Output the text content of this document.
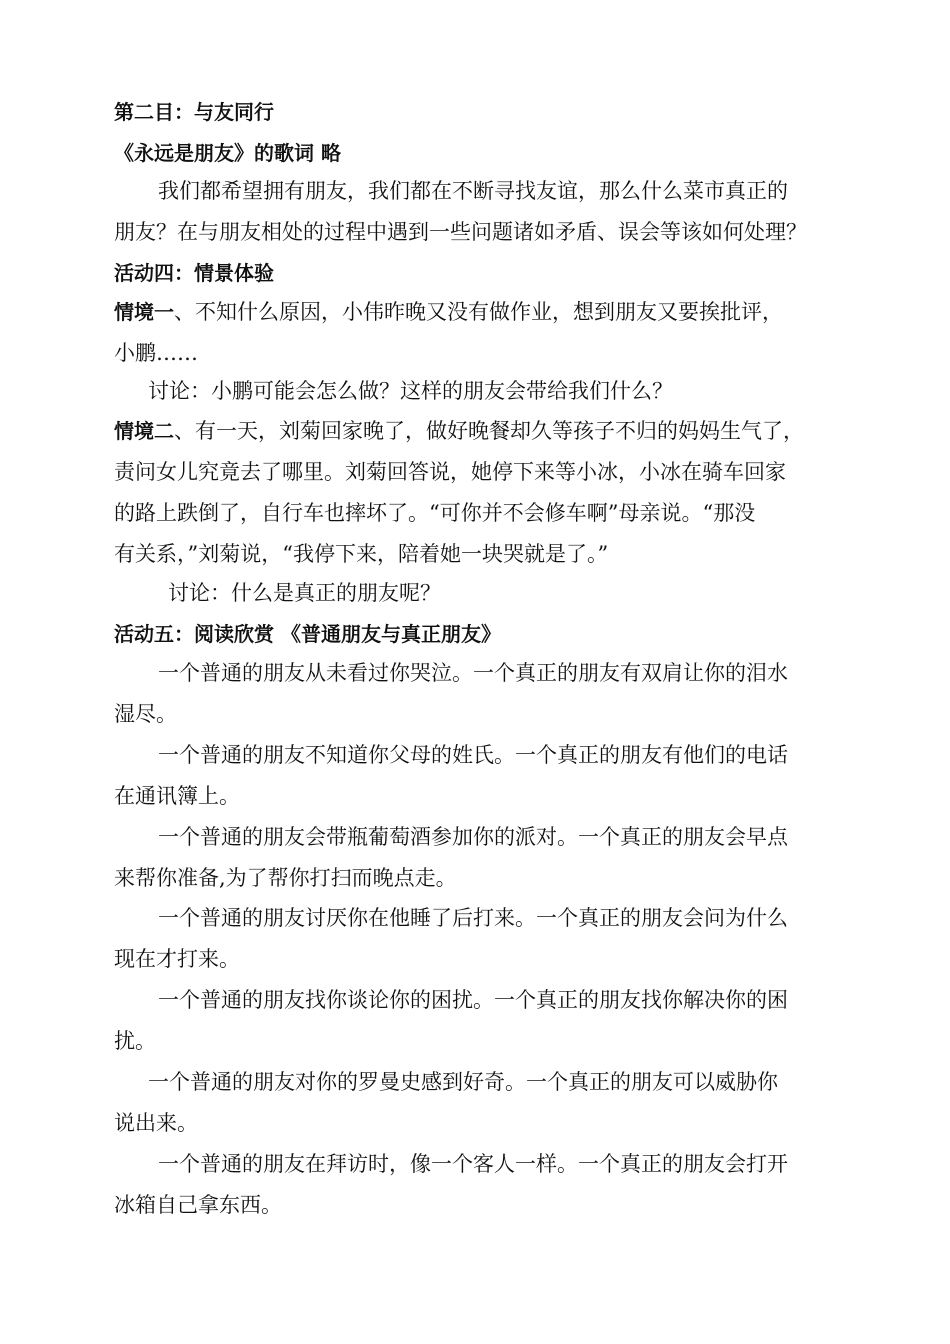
第二目：与友同行
《永远是朋友》的歌词 略
我们都希望拥有朋友，我们都在不断寻找友谊，那么什么菜市真正的
朋友？在与朋友相处的过程中遇到一些问题诸如矛盾、误会等该如何处理？
活动四：情景体验
情境一、不知什么原因，小伟昨晚又没有做作业，想到朋友又要挨批评，
小鹏……
讨论：小鹏可能会怎么做？这样的朋友会带给我们什么？
情境二、有一天，刘菊回家晚了，做好晚餐却久等孩子不归的妈妈生气了，
责问女儿究竟去了哪里。刘菊回答说，她停下来等小冰，小冰在骑车回家
的路上跌倒了，自行车也摔坏了。“可你并不会修车啊”母亲说。“那没
有关系，”刘菊说，“我停下来，陪着她一块哭就是了。”
讨论：什么是真正的朋友呢？
活动五：阅读欣赏 《普通朋友与真正朋友》
一个普通的朋友从未看过你哭泣。一个真正的朋友有双肩让你的泪水
湿尽。
一个普通的朋友不知道你父母的姓氏。一个真正的朋友有他们的电话
在通讯簿上。
一个普通的朋友会带瓶葡萄酒参加你的派对。一个真正的朋友会早点
来帮你准备,为了帮你打扫而晚点走。
一个普通的朋友讨厌你在他睡了后打来。一个真正的朋友会问为什么
现在才打来。
一个普通的朋友找你谈论你的困扰。一个真正的朋友找你解决你的困
扰。
一个普通的朋友对你的罗曼史感到好奇。一个真正的朋友可以威胁你
说出来。
一个普通的朋友在拜访时，像一个客人一样。一个真正的朋友会打开
冰箱自己拿东西。
